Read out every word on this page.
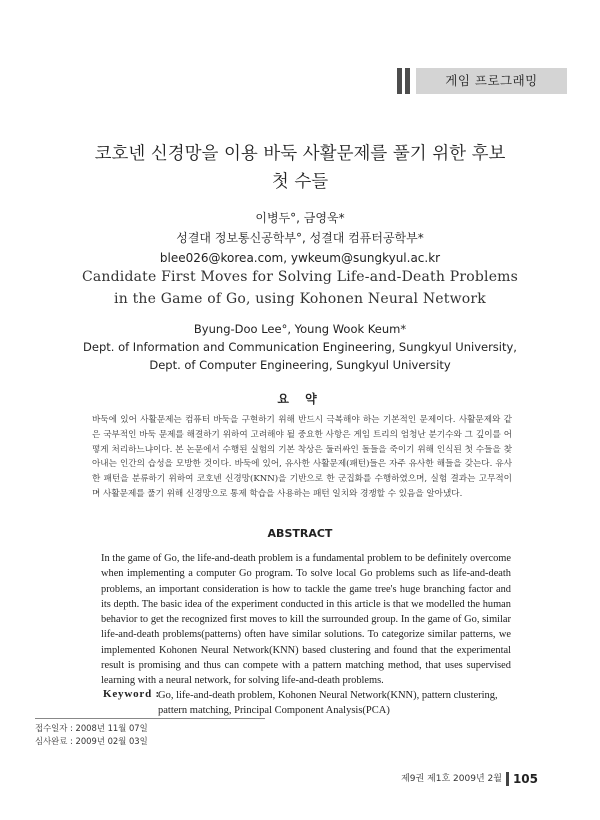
게임 프로그래밍
코호넨 신경망을 이용 바둑 사활문제를 풀기 위한 후보
첫 수들
이병두°, 금영욱*
성결대 정보통신공학부°, 성결대 컴퓨터공학부*
blee026@korea.com, ywkeum@sungkyul.ac.kr
Candidate First Moves for Solving Life-and-Death Problems
in the Game of Go, using Kohonen Neural Network
Byung-Doo Lee°, Young Wook Keum*
Dept. of Information and Communication Engineering, Sungkyul University,
Dept. of Computer Engineering, Sungkyul University
요 약

바둑에 있어 사활문제는 컴퓨터 바둑을 구현하기 위해 반드시 극복해야 하는 기본적인 문제이다. 사활문제와 같은 국부적인 바둑 문제를 해결하기 위하여 고려해야 될 중요한 사항은 게임 트리의 엄청난 분기수와 그 깊이를 어떻게 처리하느냐이다. 본 논문에서 수행된 실험의 기본 착상은 둘러싸인 돌들을 죽이기 위해 인식된 첫 수들을 찾아내는 인간의 습성을 모방한 것이다. 바둑에 있어, 유사한 사활문제(패턴)들은 자주 유사한 해들을 갖는다. 유사한 패턴을 분류하기 위하여 코호넨 신경망(KNN)을 기반으로 한 군집화를 수행하였으며, 실험 결과는 고무적이며 사활문제를 풀기 위해 신경망으로 통제 학습을 사용하는 패턴 일치와 경쟁할 수 있음을 알아냈다.

ABSTRACT

In the game of Go, the life-and-death problem is a fundamental problem to be definitely overcome when implementing a computer Go program. To solve local Go problems such as life-and-death problems, an important consideration is how to tackle the game tree's huge branching factor and its depth. The basic idea of the experiment conducted in this article is that we modelled the human behavior to get the recognized first moves to kill the surrounded group. In the game of Go, similar life-and-death problems(patterns) often have similar solutions. To categorize similar patterns, we implemented Kohonen Neural Network(KNN) based clustering and found that the experimental result is promising and thus can compete with a pattern matching method, that uses supervised learning with a neural network, for solving life-and-death problems.

Keyword :
Go, life-and-death problem, Kohonen Neural Network(KNN), pattern clustering, pattern matching, Principal Component Analysis(PCA)
접수일자 : 2008년 11월 07일
심사완료 : 2009년 02월 03일
제9권 제1호 2009년 2월 105
